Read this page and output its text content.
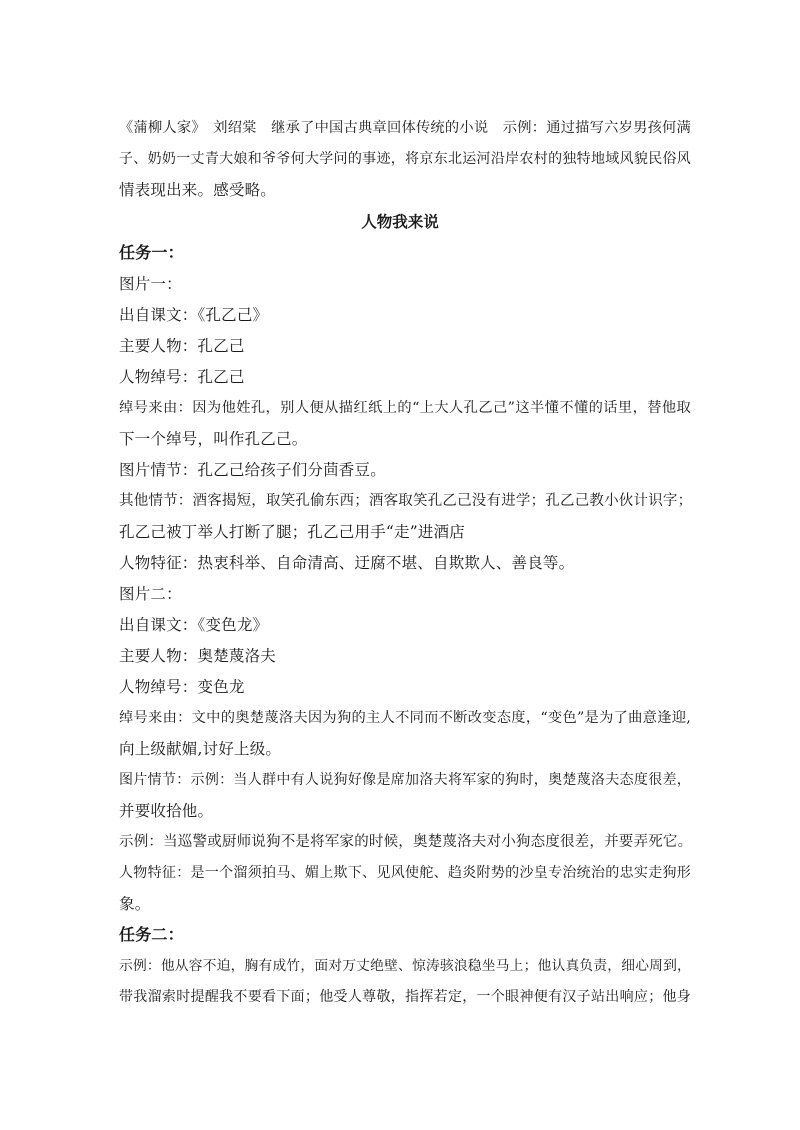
《蒲柳人家》　刘绍棠　继承了中国古典章回体传统的小说　示例：通过描写六岁男孩何满
子、奶奶一丈青大娘和爷爷何大学问的事迹，将京东北运河沿岸农村的独特地域风貌民俗风
情表现出来。感受略。
人物我来说
任务一：
图片一：
出自课文：《孔乙己》
主要人物：孔乙己
人物绰号：孔乙己
绰号来由：因为他姓孔，别人便从描红纸上的“上大人孔乙己”这半懂不懂的话里，替他取
下一个绰号，叫作孔乙己。
图片情节：孔乙己给孩子们分茴香豆。
其他情节：酒客揭短，取笑孔偷东西；酒客取笑孔乙己没有进学；孔乙己教小伙计识字；
孔乙己被丁举人打断了腿；孔乙己用手“走”进酒店
人物特征：热衷科举、自命清高、迂腐不堪、自欺欺人、善良等。
图片二：
出自课文：《变色龙》
主要人物：奥楚蔑洛夫
人物绰号：变色龙
绰号来由：文中的奥楚蔑洛夫因为狗的主人不同而不断改变态度，“变色”是为了曲意逢迎,
向上级献媚,讨好上级。
图片情节：示例：当人群中有人说狗好像是席加洛夫将军家的狗时，奥楚蔑洛夫态度很差，
并要收拾他。
示例：当巡警或厨师说狗不是将军家的时候，奥楚蔑洛夫对小狗态度很差，并要弄死它。
人物特征：是一个溜须拍马、媚上欺下、见风使舵、趋炎附势的沙皇专治统治的忠实走狗形
象。
任务二：
示例：他从容不迫，胸有成竹，面对万丈绝壁、惊涛骇浪稳坐马上；他认真负责，细心周到，
带我溜索时提醒我不要看下面；他受人尊敬，指挥若定，一个眼神便有汉子站出响应；他身
